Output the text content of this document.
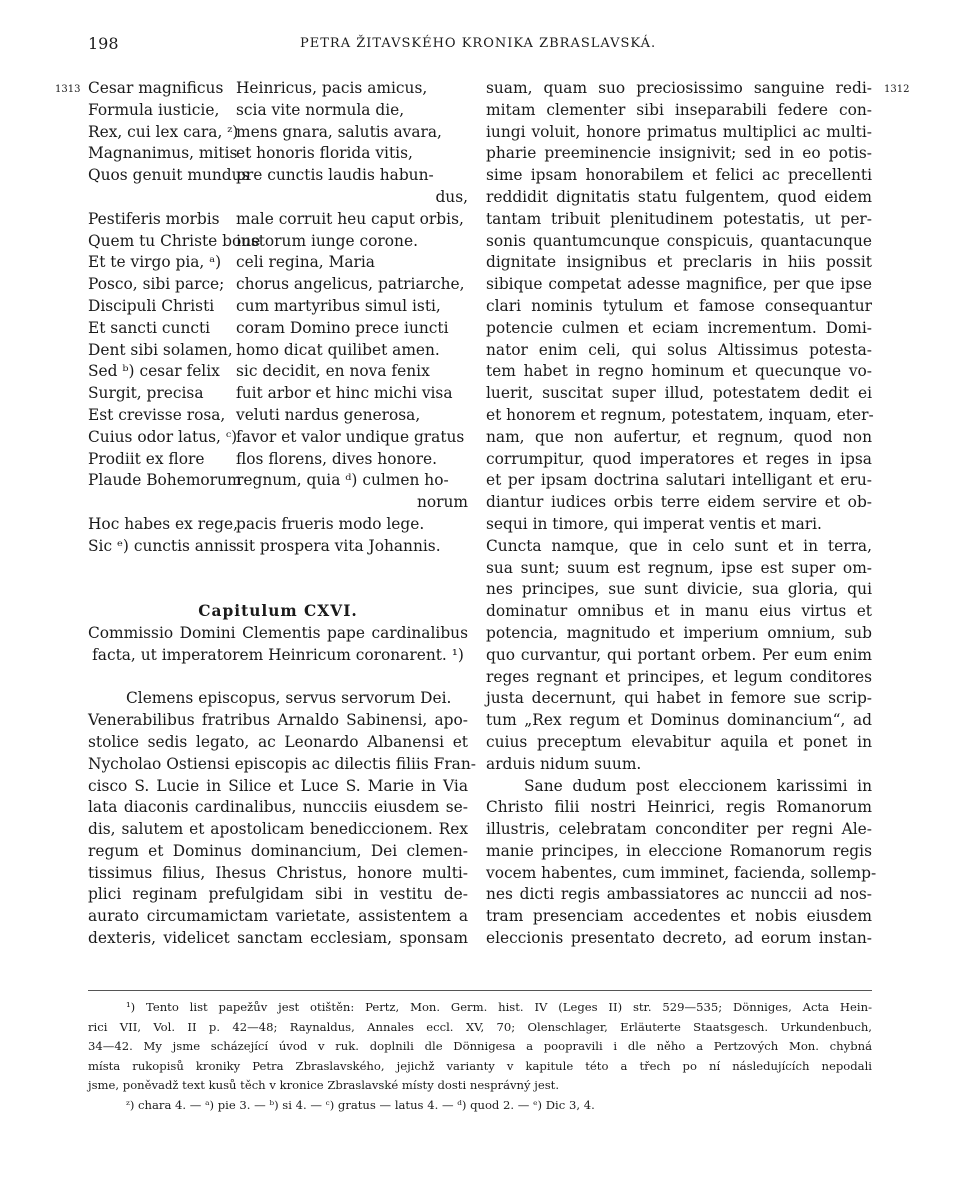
198	PETRA ŽITAVSKÉHO KRONIKA ZBRASLAVSKÁ.
1313	1312
Cesar magnificus Heinricus, pacis amicus,
Formula iusticie, scia vite normula die,
Rex, cui lex cara, ᶻ)
mens gnara, salutis avara,
Magnanimus, mitis
et honoris florida vitis,
Quos genuit mundus
pre cunctis laudis habun-
dus,
Pestiferis morbis male corruit heu caput orbis,
Quem tu Christe bone
iustorum iunge corone.
Et te virgo pia, ᵃ) celi regina, Maria
Posco, sibi parce; chorus angelicus, patriarche,
Discipuli Christi cum martyribus simul isti,
Et sancti cuncti coram Domino prece iuncti
Dent sibi solamen, homo dicat quilibet amen.
Sed ᵇ) cesar felix sic decidit, en nova fenix
Surgit, precisa fuit arbor et hinc michi visa
Est crevisse rosa, veluti nardus generosa,
Cuius odor latus, ᶜ)
favor et valor undique gratus
Prodiit ex flore flos florens, dives honore.
Plaude Bohemorum
regnum, quia ᵈ) culmen ho-
norum
Hoc habes ex rege,
pacis frueris modo lege.
Sic ᵉ) cunctis annis sit prospera vita Johannis.
Capitulum CXVI.
Commissio Domini Clementis pape cardinalibus
facta, ut imperatorem Heinricum coronarent. ¹)
Clemens episcopus, servus servorum Dei.
Venerabilibus fratribus Arnaldo Sabinensi, apo-
stolice sedis legato, ac Leonardo Albanensi et
Nycholao Ostiensi episcopis ac dilectis filiis Fran-
cisco S. Lucie in Silice et Luce S. Marie in Via
lata diaconis cardinalibus, nuncciis eiusdem se-
dis, salutem et apostolicam benediccionem. Rex
regum et Dominus dominancium, Dei clemen-
tissimus filius, Ihesus Christus, honore multi-
plici reginam prefulgidam sibi in vestitu de-
aurato circumamictam varietate, assistentem a
dexteris, videlicet sanctam ecclesiam, sponsam
suam, quam suo preciosissimo sanguine redi-
mitam clementer sibi inseparabili federe con-
iungi voluit, honore primatus multiplici ac multi-
pharie preeminencie insignivit; sed in eo potis-
sime ipsam honorabilem et felici ac precellenti
reddidit dignitatis statu fulgentem, quod eidem
tantam tribuit plenitudinem potestatis, ut per-
sonis quantumcunque conspicuis, quantacunque
dignitate insignibus et preclaris in hiis possit
sibique competat adesse magnifice, per que ipse
clari nominis tytulum et famose consequantur
potencie culmen et eciam incrementum. Domi-
nator enim celi, qui solus Altissimus potesta-
tem habet in regno hominum et quecunque vo-
luerit, suscitat super illud, potestatem dedit ei
et honorem et regnum, potestatem, inquam, eter-
nam, que non aufertur, et regnum, quod non
corrumpitur, quod imperatores et reges in ipsa
et per ipsam doctrina salutari intelligant et eru-
diantur iudices orbis terre eidem servire et ob-
sequi in timore, qui imperat ventis et mari.
Cuncta namque, que in celo sunt et in terra,
sua sunt; suum est regnum, ipse est super om-
nes principes, sue sunt divicie, sua gloria, qui
dominatur omnibus et in manu eius virtus et
potencia, magnitudo et imperium omnium, sub
quo curvantur, qui portant orbem. Per eum enim
reges regnant et principes, et legum conditores
justa decernunt, qui habet in femore sue scrip-
tum „Rex regum et Dominus dominancium“, ad
cuius preceptum elevabitur aquila et ponet in
arduis nidum suum.
Sane dudum post eleccionem karissimi in
Christo filii nostri Heinrici, regis Romanorum
illustris, celebratam conconditer per regni Ale-
manie principes, in eleccione Romanorum regis
vocem habentes, cum imminet, facienda, sollemp-
nes dicti regis ambassiatores ac nunccii ad nos-
tram presenciam accedentes et nobis eiusdem
eleccionis presentato decreto, ad eorum instan-
¹) Tento list papežův jest otištěn: Pertz, Mon. Germ. hist. IV (Leges II) str. 529—535; Dönniges, Acta Hein-
rici VII, Vol. II p. 42—48; Raynaldus, Annales eccl. XV, 70; Olenschlager, Erläuterte Staatsgesch. Urkundenbuch,
34—42. My jsme scházející úvod v ruk. doplnili dle Dönnigesa a poopravili i dle něho a Pertzových Mon. chybná
místa rukopisů kroniky Petra Zbraslavského, jejichž varianty v kapitule této a třech po ní následujících nepodali
jsme, poněvadž text kusů těch v kronice Zbraslavské místy dosti nesprávný jest.
ᶻ) chara 4. — ᵃ) pie 3. — ᵇ) si 4. — ᶜ) gratus — latus 4. — ᵈ) quod 2. — ᵉ) Dic 3, 4.
